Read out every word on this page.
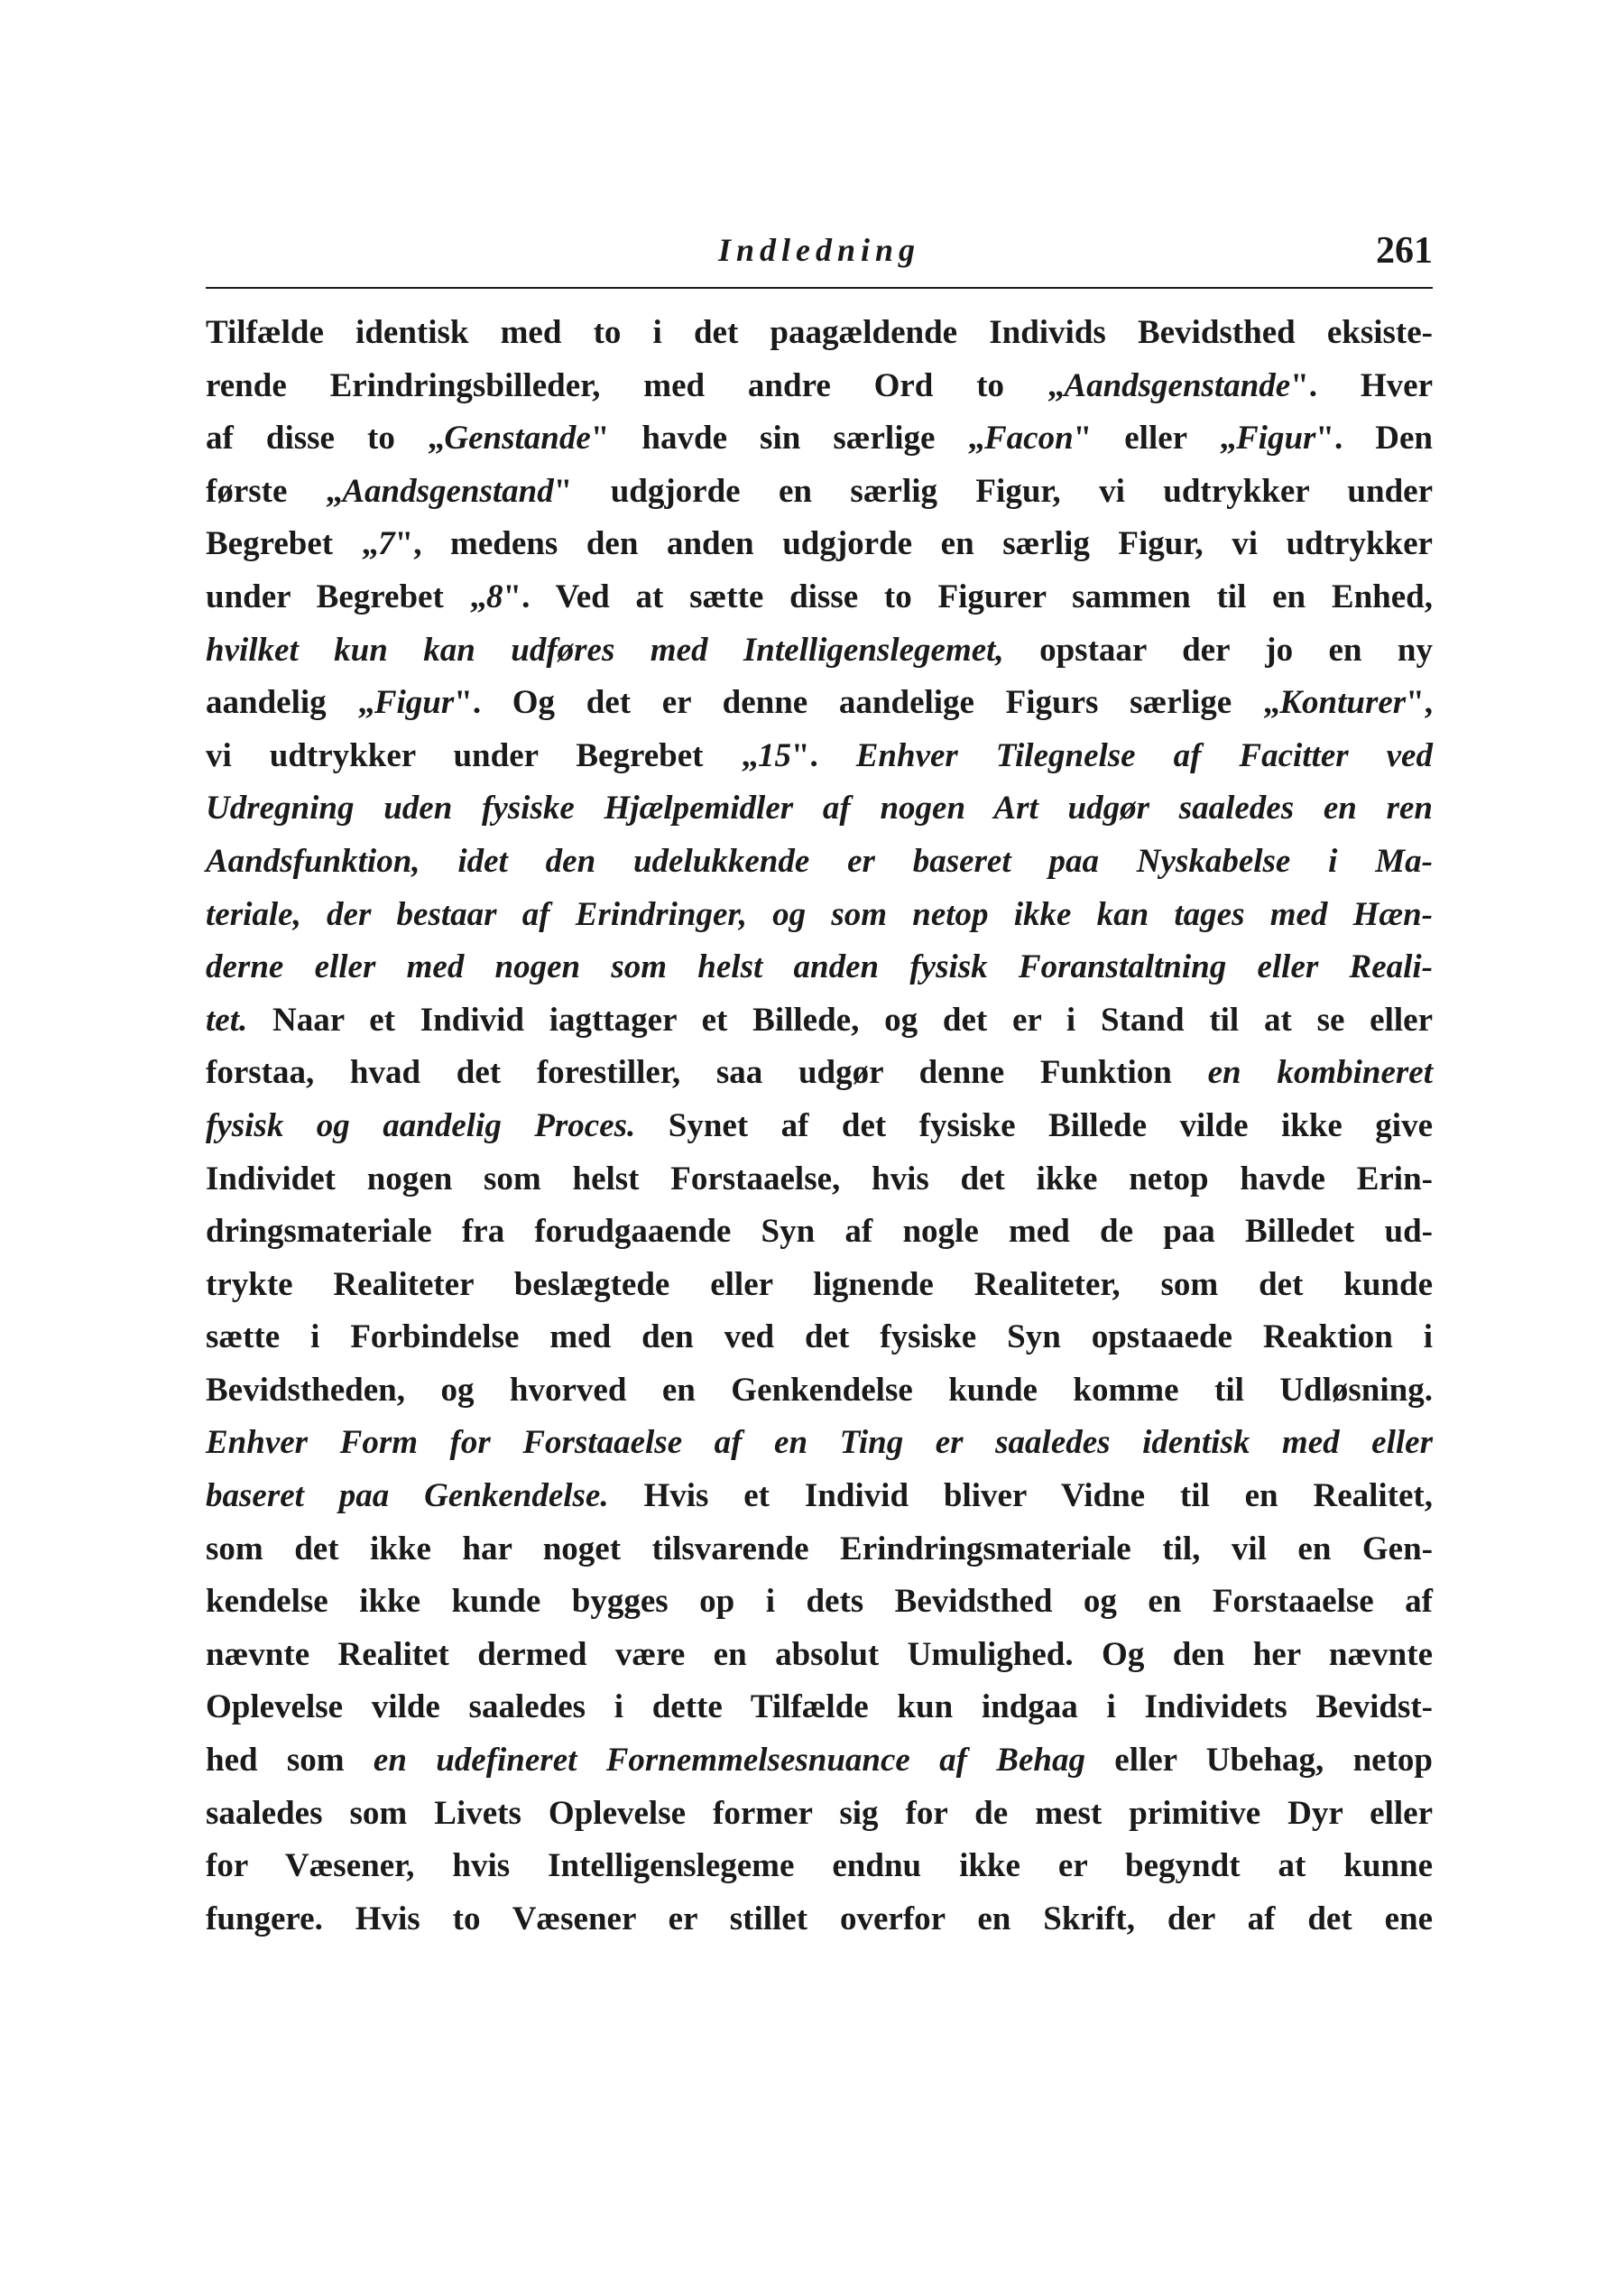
Indledning	261
Tilfælde identisk med to i det paagældende Individs Bevidsthed eksiste-
rende Erindringsbilleder, med andre Ord to „Aandsgenstande". Hver
af disse to „Genstande" havde sin særlige „Facon" eller „Figur". Den
første „Aandsgenstand" udgjorde en særlig Figur, vi udtrykker under
Begrebet „7", medens den anden udgjorde en særlig Figur, vi udtrykker
under Begrebet „8". Ved at sætte disse to Figurer sammen til en Enhed,
hvilket kun kan udføres med Intelligenslegemet, opstaar der jo en ny
aandelig „Figur". Og det er denne aandelige Figurs særlige „Konturer",
vi udtrykker under Begrebet „15". Enhver Tilegnelse af Facitter ved
Udregning uden fysiske Hjælpemidler af nogen Art udgør saaledes en ren
Aandsfunktion, idet den udelukkende er baseret paa Nyskabelse i Ma-
teriale, der bestaar af Erindringer, og som netop ikke kan tages med Hæn-
derne eller med nogen som helst anden fysisk Foranstaltning eller Reali-
tet. Naar et Individ iagttager et Billede, og det er i Stand til at se eller
forstaa, hvad det forestiller, saa udgør denne Funktion en kombineret
fysisk og aandelig Proces. Synet af det fysiske Billede vilde ikke give
Individet nogen som helst Forstaaelse, hvis det ikke netop havde Erin-
dringsmateriale fra forudgaaende Syn af nogle med de paa Billedet ud-
trykte Realiteter beslægtede eller lignende Realiteter, som det kunde
sætte i Forbindelse med den ved det fysiske Syn opstaaede Reaktion i
Bevidstheden, og hvorved en Genkendelse kunde komme til Udløsning.
Enhver Form for Forstaaelse af en Ting er saaledes identisk med eller
baseret paa Genkendelse. Hvis et Individ bliver Vidne til en Realitet,
som det ikke har noget tilsvarende Erindringsmateriale til, vil en Gen-
kendelse ikke kunde bygges op i dets Bevidsthed og en Forstaaelse af
nævnte Realitet dermed være en absolut Umulighed. Og den her nævnte
Oplevelse vilde saaledes i dette Tilfælde kun indgaa i Individets Bevidst-
hed som en udefineret Fornemmelsesnuance af Behag eller Ubehag, netop
saaledes som Livets Oplevelse former sig for de mest primitive Dyr eller
for Væsener, hvis Intelligenslegeme endnu ikke er begyndt at kunne
fungere. Hvis to Væsener er stillet overfor en Skrift, der af det ene
